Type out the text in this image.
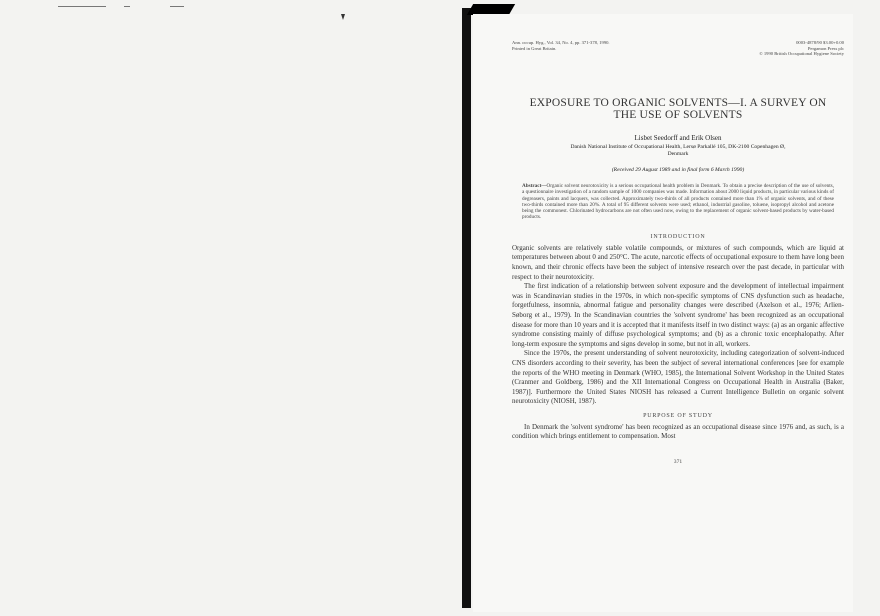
Ann. occup. Hyg., Vol. 34, No. 4, pp. 371-378, 1990.
Printed in Great Britain.
0003-4878/90 $3.00+0.00
Pergamon Press plc
© 1990 British Occupational Hygiene Society
EXPOSURE TO ORGANIC SOLVENTS—I. A SURVEY ON
THE USE OF SOLVENTS
Lisbet Seedorff and Erik Olsen
Danish National Institute of Occupational Health, Lersø Parkallé 105, DK-2100 Copenhagen Ø,
Denmark
(Received 29 August 1989 and in final form 6 March 1990)

Abstract—Organic solvent neurotoxicity is a serious occupational health problem in Denmark. To obtain a precise description of the use of solvents, a questionnaire investigation of a random sample of 1000 companies was made. Information about 2000 liquid products, in particular various kinds of degreasers, paints and lacquers, was collected. Approximately two-thirds of all products contained more than 1% of organic solvents, and of these two-thirds contained more than 20%. A total of 95 different solvents were used; ethanol, industrial gasoline, toluene, isopropyl alcohol and acetone being the commonest. Chlorinated hydrocarbons are not often used now, owing to the replacement of organic solvent-based products by water-based products.

INTRODUCTION

Organic solvents are relatively stable volatile compounds, or mixtures of such compounds, which are liquid at temperatures between about 0 and 250°C. The acute, narcotic effects of occupational exposure to them have long been known, and their chronic effects have been the subject of intensive research over the past decade, in particular with respect to their neurotoxicity.

The first indication of a relationship between solvent exposure and the development of intellectual impairment was in Scandinavian studies in the 1970s, in which non-specific symptoms of CNS dysfunction such as headache, forgetfulness, insomnia, abnormal fatigue and personality changes were described (Axelson et al., 1976; Arlien-Søborg et al., 1979). In the Scandinavian countries the 'solvent syndrome' has been recognized as an occupational disease for more than 10 years and it is accepted that it manifests itself in two distinct ways: (a) as an organic affective syndrome consisting mainly of diffuse psychological symptoms; and (b) as a chronic toxic encephalopathy. After long-term exposure the symptoms and signs develop in some, but not in all, workers.

Since the 1970s, the present understanding of solvent neurotoxicity, including categorization of solvent-induced CNS disorders according to their severity, has been the subject of several international conferences [see for example the reports of the WHO meeting in Denmark (WHO, 1985), the International Solvent Workshop in the United States (Cranmer and Goldberg, 1986) and the XII International Congress on Occupational Health in Australia (Baker, 1987)]. Furthermore the United States NIOSH has released a Current Intelligence Bulletin on organic solvent neurotoxicity (NIOSH, 1987).

PURPOSE OF STUDY

In Denmark the 'solvent syndrome' has been recognized as an occupational disease since 1976 and, as such, is a condition which brings entitlement to compensation. Most

371
